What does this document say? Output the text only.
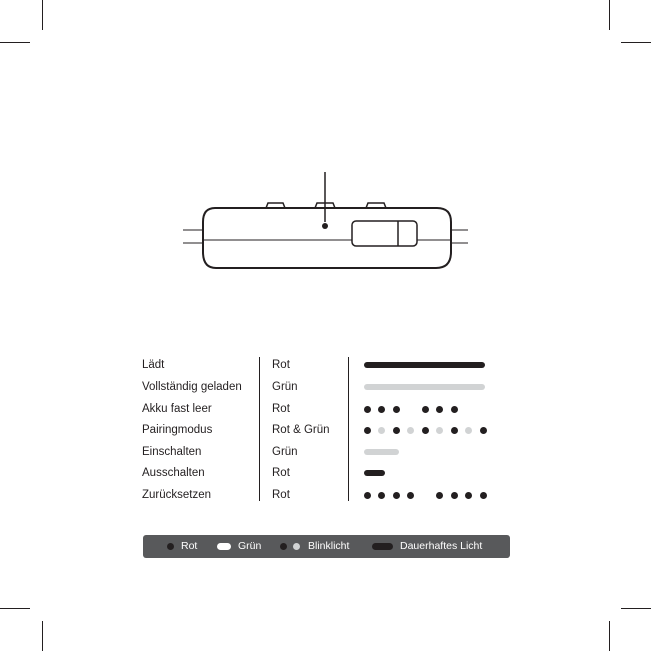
Lädt	Rot
Vollständig geladen	Grün
Akku fast leer	Rot
Pairingmodus	Rot & Grün
Einschalten	Grün
Ausschalten	Rot
Zurücksetzen	Rot
Rot	Grün	Blinklicht	Dauerhaftes Licht
